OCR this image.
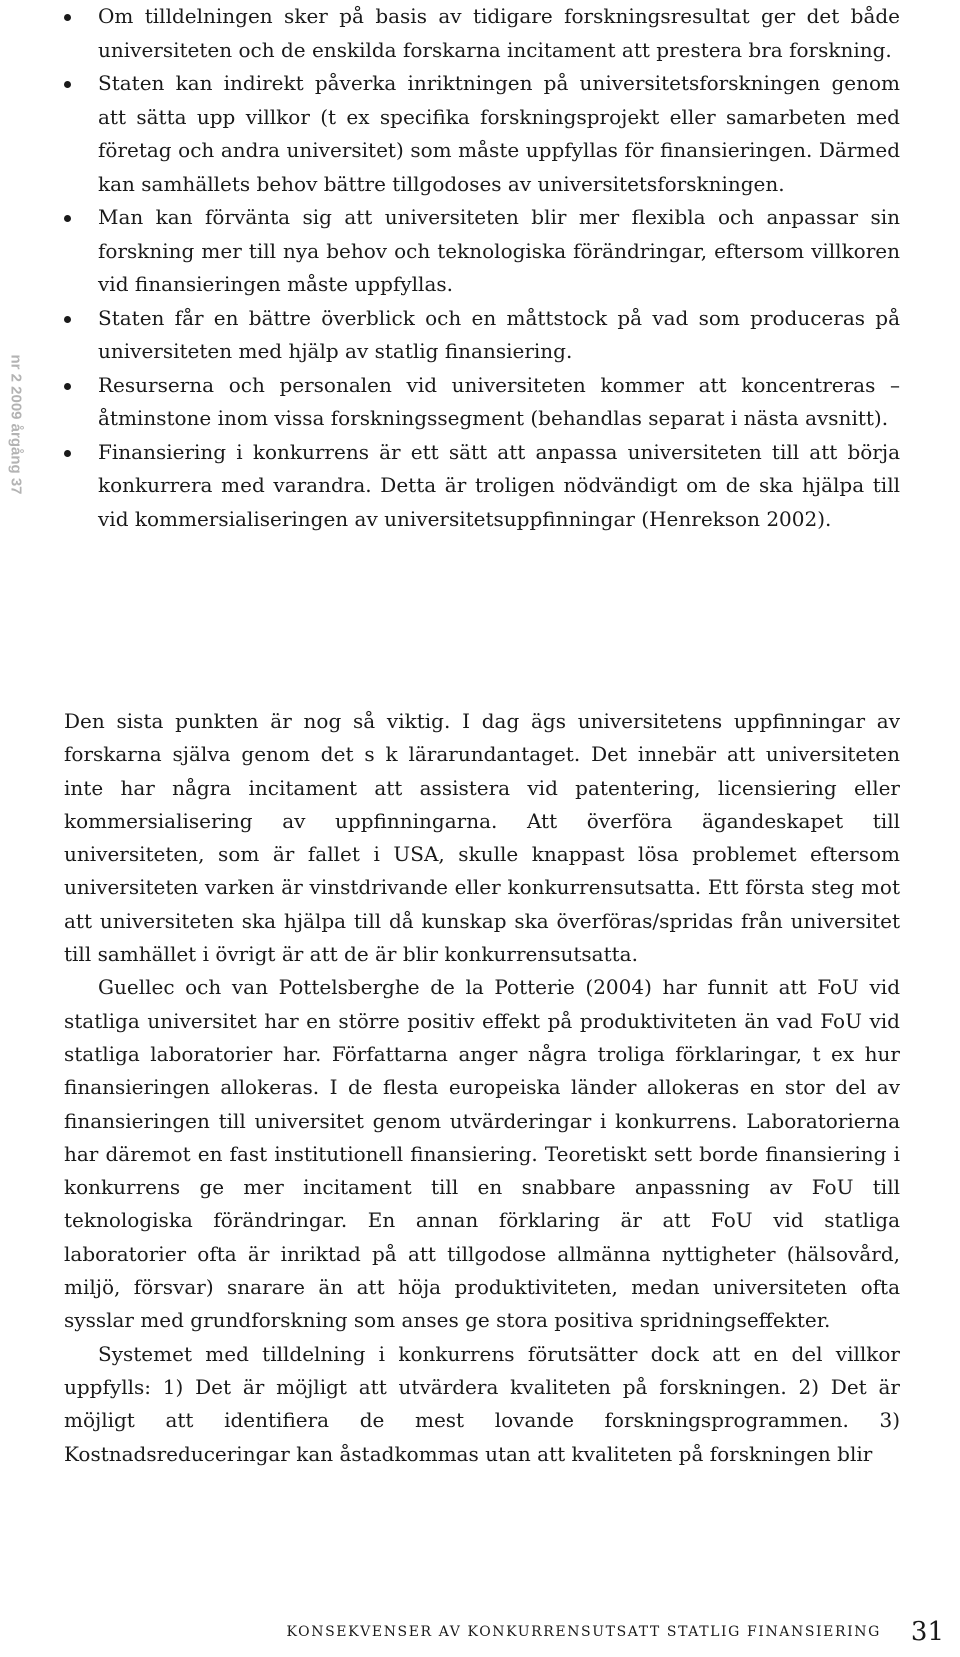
nr 2 2009 årgång 37
Om tilldelningen sker på basis av tidigare forskningsresultat ger det både universiteten och de enskilda forskarna incitament att prestera bra forskning.
Staten kan indirekt påverka inriktningen på universitetsforskningen genom att sätta upp villkor (t ex specifika forskningsprojekt eller samarbeten med företag och andra universitet) som måste uppfyllas för finansieringen. Därmed kan samhällets behov bättre tillgodoses av universitetsforskningen.
Man kan förvänta sig att universiteten blir mer flexibla och anpassar sin forskning mer till nya behov och teknologiska förändringar, eftersom villkoren vid finansieringen måste uppfyllas.
Staten får en bättre överblick och en måttstock på vad som produceras på universiteten med hjälp av statlig finansiering.
Resurserna och personalen vid universiteten kommer att koncentreras – åtminstone inom vissa forskningssegment (behandlas separat i nästa avsnitt).
Finansiering i konkurrens är ett sätt att anpassa universiteten till att börja konkurrera med varandra. Detta är troligen nödvändigt om de ska hjälpa till vid kommersialiseringen av universitetsuppfinningar (Henrekson 2002).

Den sista punkten är nog så viktig. I dag ägs universitetens uppfinningar av forskarna själva genom det s k lärarundantaget. Det innebär att universiteten inte har några incitament att assistera vid patentering, licensiering eller kommersialisering av uppfinningarna. Att överföra ägandeskapet till universiteten, som är fallet i USA, skulle knappast lösa problemet eftersom universiteten varken är vinstdrivande eller konkurrensutsatta. Ett första steg mot att universiteten ska hjälpa till då kunskap ska överföras/spridas från universitet till samhället i övrigt är att de är blir konkurrensutsatta.

Guellec och van Pottelsberghe de la Potterie (2004) har funnit att FoU vid statliga universitet har en större positiv effekt på produktiviteten än vad FoU vid statliga laboratorier har. Författarna anger några troliga förklaringar, t ex hur finansieringen allokeras. I de flesta europeiska länder allokeras en stor del av finansieringen till universitet genom utvärderingar i konkurrens. Laboratorierna har däremot en fast institutionell finansiering. Teoretiskt sett borde finansiering i konkurrens ge mer incitament till en snabbare anpassning av FoU till teknologiska förändringar. En annan förklaring är att FoU vid statliga laboratorier ofta är inriktad på att tillgodose allmänna nyttigheter (hälsovård, miljö, försvar) snarare än att höja produktiviteten, medan universiteten ofta sysslar med grundforskning som anses ge stora positiva spridningseffekter.

Systemet med tilldelning i konkurrens förutsätter dock att en del villkor uppfylls: 1) Det är möjligt att utvärdera kvaliteten på forskningen. 2) Det är möjligt att identifiera de mest lovande forskningsprogrammen. 3) Kostnadsreduceringar kan åstadkommas utan att kvaliteten på forskningen blir

KONSEKVENSER AV KONKURRENSUTSATT STATLIG FINANSIERING 31
